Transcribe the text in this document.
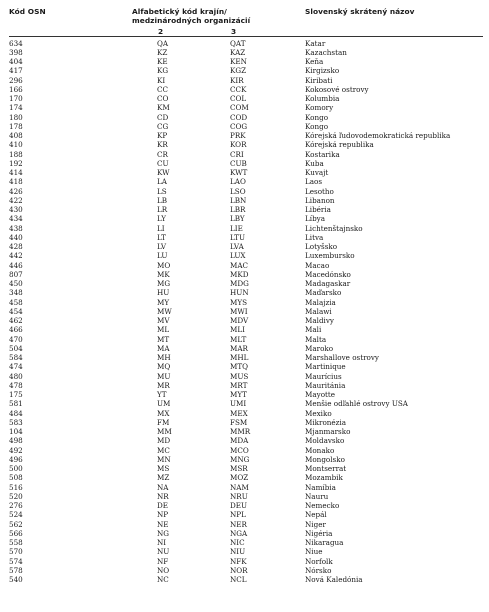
Kód OSN	Alfabetický kód krajín/
medzinárodných organizácií
Slovenský skrátený názov
2	3
634	QA	QAT	Katar
398	KZ	KAZ	Kazachstan
404	KE	KEN	Keňa
417	KG	KGZ	Kirgizsko
296	KI	KIR	Kiribati
166	CC	CCK	Kokosové ostrovy
170	CO	COL	Kolumbia
174	KM	COM	Komory
180	CD	COD	Kongo
178	CG	COG	Kongo
408	KP	PRK	Kórejská ľudovodemokratická republika
410	KR	KOR	Kórejská republika
188	CR	CRI	Kostarika
192	CU	CUB	Kuba
414	KW	KWT	Kuvajt
418	LA	LAO	Laos
426	LS	LSO	Lesotho
422	LB	LBN	Libanon
430	LR	LBR	Libéria
434	LY	LBY	Líbya
438	LI	LIE	Lichtenštajnsko
440	LT	LTU	Litva
428	LV	LVA	Lotyšsko
442	LU	LUX	Luxembursko
446	MO	MAC	Macao
807	MK	MKD	Macedónsko
450	MG	MDG	Madagaskar
348	HU	HUN	Maďarsko
458	MY	MYS	Malajzia
454	MW	MWI	Malawi
462	MV	MDV	Maldivy
466	ML	MLI	Mali
470	MT	MLT	Malta
504	MA	MAR	Maroko
584	MH	MHL	Marshallove ostrovy
474	MQ	MTQ	Martinique
480	MU	MUS	Maurícius
478	MR	MRT	Mauritánia
175	YT	MYT	Mayotte
581	UM	UMI	Menšie odľahlé ostrovy USA
484	MX	MEX	Mexiko
583	FM	FSM	Mikronézia
104	MM	MMR	Mjanmarsko
498	MD	MDA	Moldavsko
492	MC	MCO	Monako
496	MN	MNG	Mongolsko
500	MS	MSR	Montserrat
508	MZ	MOZ	Mozambik
516	NA	NAM	Namíbia
520	NR	NRU	Nauru
276	DE	DEU	Nemecko
524	NP	NPL	Nepál
562	NE	NER	Niger
566	NG	NGA	Nigéria
558	NI	NIC	Nikaragua
570	NU	NIU	Niue
574	NF	NFK	Norfolk
578	NO	NOR	Nórsko
540	NC	NCL	Nová Kaledónia
